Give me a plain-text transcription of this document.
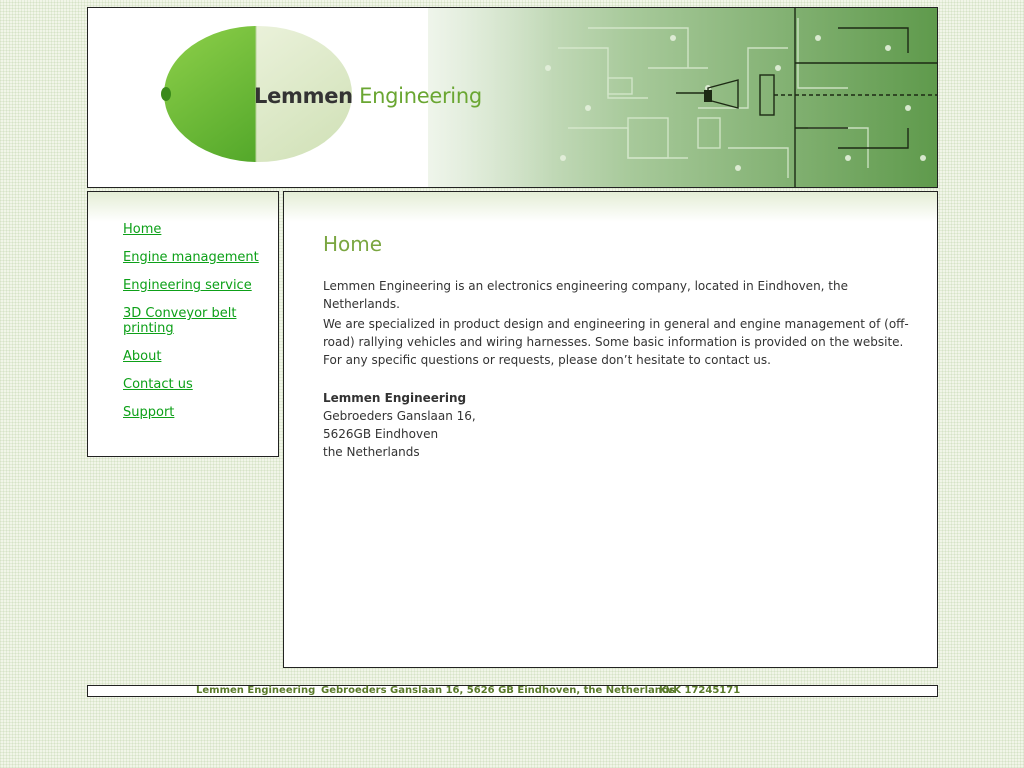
Lemmen Engineering
Home
Engine management
Engineering service
3D Conveyor belt printing
About
Contact us
Support
Home

Lemmen Engineering is an electronics engineering company, located in Eindhoven, the Netherlands.

We are specialized in product design and engineering in general and engine management of (off-road) rallying vehicles and wiring harnesses. Some basic information is provided on the website. For any specific questions or requests, please don’t hesitate to contact us.

Lemmen Engineering
Gebroeders Ganslaan 16,
5626GB Eindhoven
the Netherlands
Lemmen Engineering Gebroeders Ganslaan 16, 5626 GB Eindhoven, the Netherlands
KvK 17245171
